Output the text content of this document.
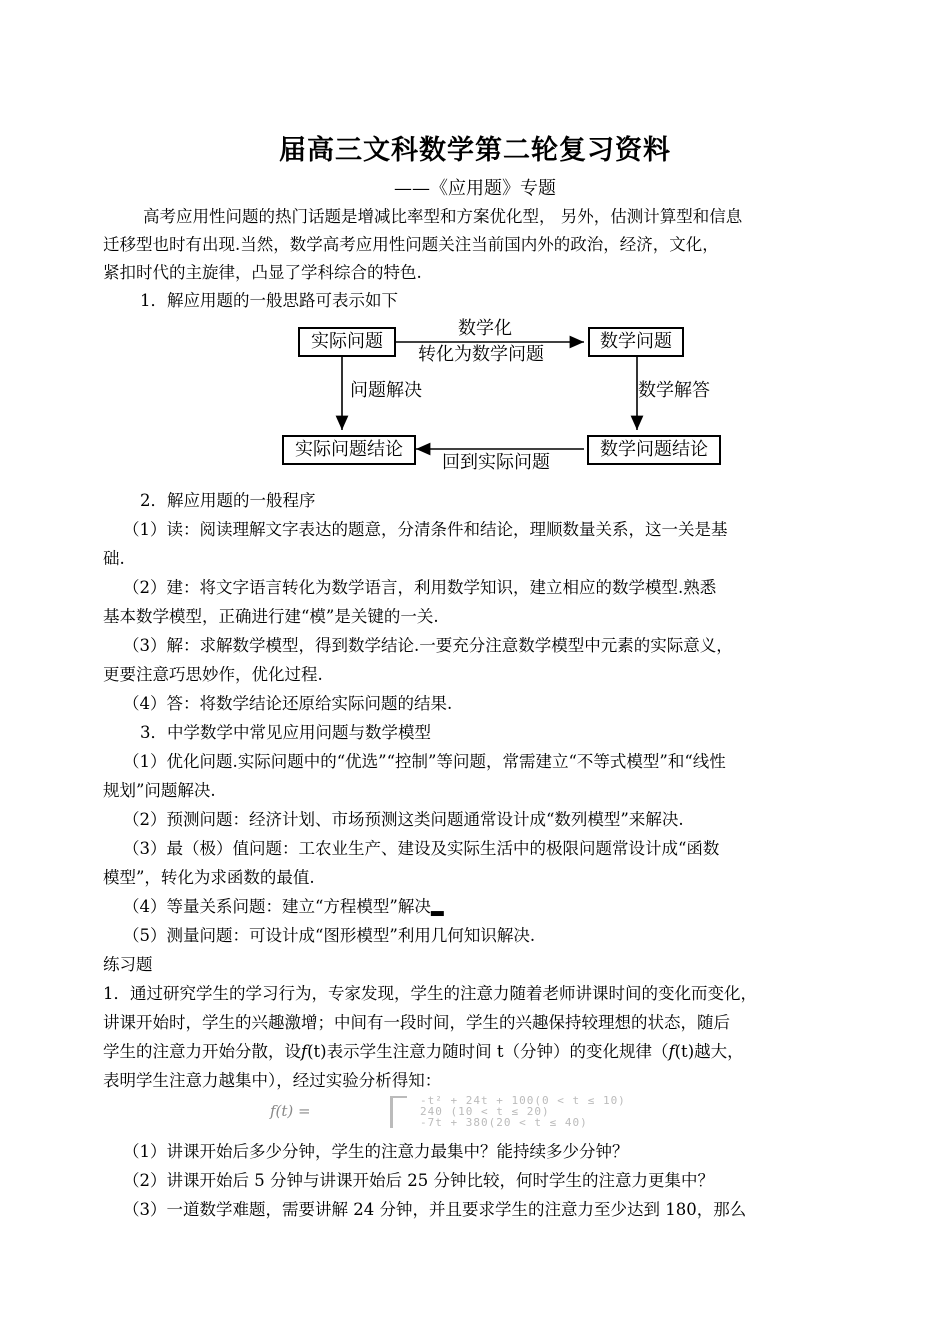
届高三文科数学第二轮复习资料
——《应用题》专题
高考应用性问题的热门话题是增减比率型和方案优化型， 另外，估测计算型和信息
迁移型也时有出现.当然，数学高考应用性问题关注当前国内外的政治，经济，文化，
紧扣时代的主旋律，凸显了学科综合的特色.
1．解应用题的一般思路可表示如下
实际问题	数学问题
数学问题结论
实际问题结论
数学化
转化为数学问题
问题解决	数学解答
回到实际问题
2．解应用题的一般程序
（1）读：阅读理解文字表达的题意，分清条件和结论，理顺数量关系，这一关是基
础.
（2）建：将文字语言转化为数学语言，利用数学知识，建立相应的数学模型.熟悉
基本数学模型，正确进行建“模”是关键的一关.
（3）解：求解数学模型，得到数学结论.一要充分注意数学模型中元素的实际意义，
更要注意巧思妙作，优化过程.
（4）答：将数学结论还原给实际问题的结果.
3．中学数学中常见应用问题与数学模型
（1）优化问题.实际问题中的“优选”“控制”等问题，常需建立“不等式模型”和“线性
规划”问题解决.
（2）预测问题：经济计划、市场预测这类问题通常设计成“数列模型”来解决.
（3）最（极）值问题：工农业生产、建设及实际生活中的极限问题常设计成“函数
模型”，转化为求函数的最值.
（4）等量关系问题：建立“方程模型”解决▂
（5）测量问题：可设计成“图形模型”利用几何知识解决.
练习题
1．通过研究学生的学习行为，专家发现，学生的注意力随着老师讲课时间的变化而变化，
讲课开始时，学生的兴趣激增；中间有一段时间，学生的兴趣保持较理想的状态，随后
学生的注意力开始分散，设f(t)表示学生注意力随时间 t（分钟）的变化规律（f(t)越大，
表明学生注意力越集中），经过实验分析得知：
f(t) =
-t² + 24t + 100(0 < t ≤ 10)
240 (10 < t ≤ 20)
-7t + 380(20 < t ≤ 40)
（1）讲课开始后多少分钟，学生的注意力最集中？能持续多少分钟？
（2）讲课开始后 5 分钟与讲课开始后 25 分钟比较，何时学生的注意力更集中？
（3）一道数学难题，需要讲解 24 分钟，并且要求学生的注意力至少达到 180，那么
